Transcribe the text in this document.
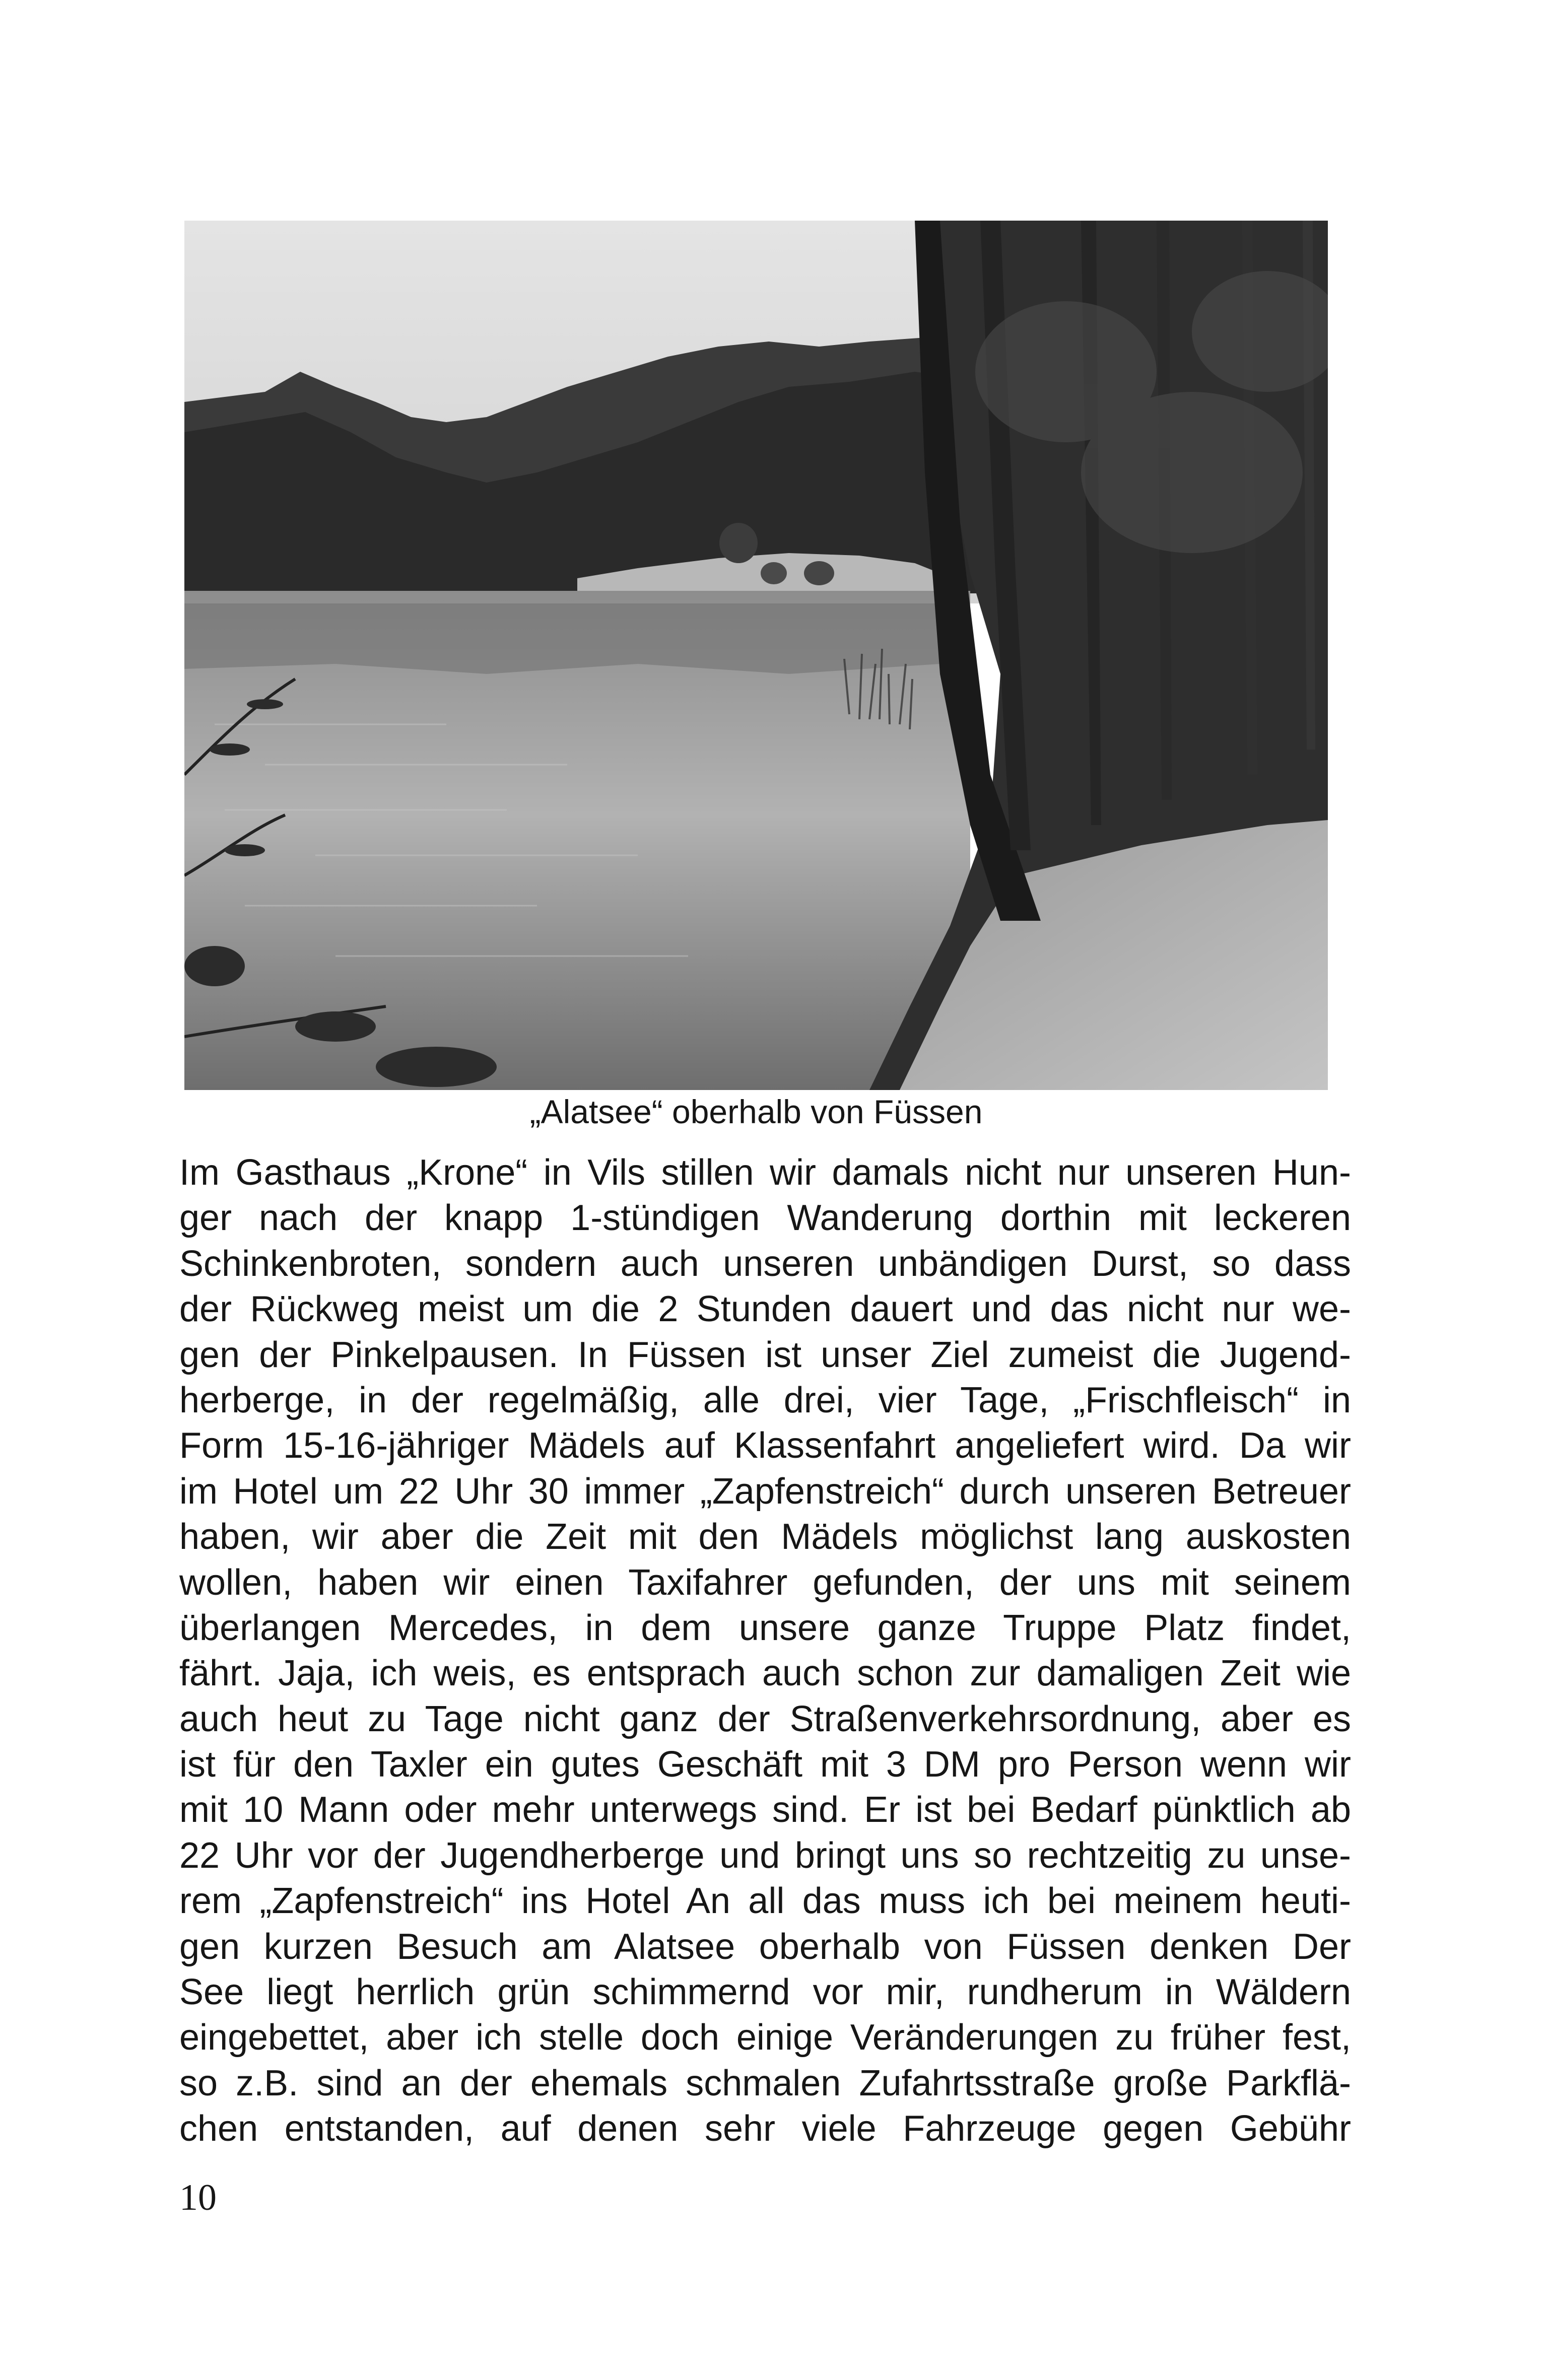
„Alatsee“ oberhalb von Füssen
Im Gasthaus „Krone“ in Vils stillen wir damals nicht nur unseren Hun-
ger nach der knapp 1-stündigen Wanderung dorthin mit leckeren
Schinkenbroten, sondern auch unseren unbändigen Durst, so dass
der Rückweg meist um die 2 Stunden dauert und das nicht nur we-
gen der Pinkelpausen. In Füssen ist unser Ziel zumeist die Jugend-
herberge, in der regelmäßig, alle drei, vier Tage, „Frischfleisch“ in
Form 15-16-jähriger Mädels auf Klassenfahrt angeliefert wird. Da wir
im Hotel um 22 Uhr 30 immer „Zapfenstreich“ durch unseren Betreuer
haben, wir aber die Zeit mit den Mädels möglichst lang auskosten
wollen, haben wir einen Taxifahrer gefunden, der uns mit seinem
überlangen Mercedes, in dem unsere ganze Truppe Platz findet,
fährt. Jaja, ich weis, es entsprach auch schon zur damaligen Zeit wie
auch heut zu Tage nicht ganz der Straßenverkehrsordnung, aber es
ist für den Taxler ein gutes Geschäft mit 3 DM pro Person wenn wir
mit 10 Mann oder mehr unterwegs sind. Er ist bei Bedarf pünktlich ab
22 Uhr vor der Jugendherberge und bringt uns so rechtzeitig zu unse-
rem „Zapfenstreich“ ins Hotel An all das muss ich bei meinem heuti-
gen kurzen Besuch am Alatsee oberhalb von Füssen denken Der
See liegt herrlich grün schimmernd vor mir, rundherum in Wäldern
eingebettet, aber ich stelle doch einige Veränderungen zu früher fest,
so z.B. sind an der ehemals schmalen Zufahrtsstraße große Parkflä-
chen entstanden, auf denen sehr viele Fahrzeuge gegen Gebühr
10
